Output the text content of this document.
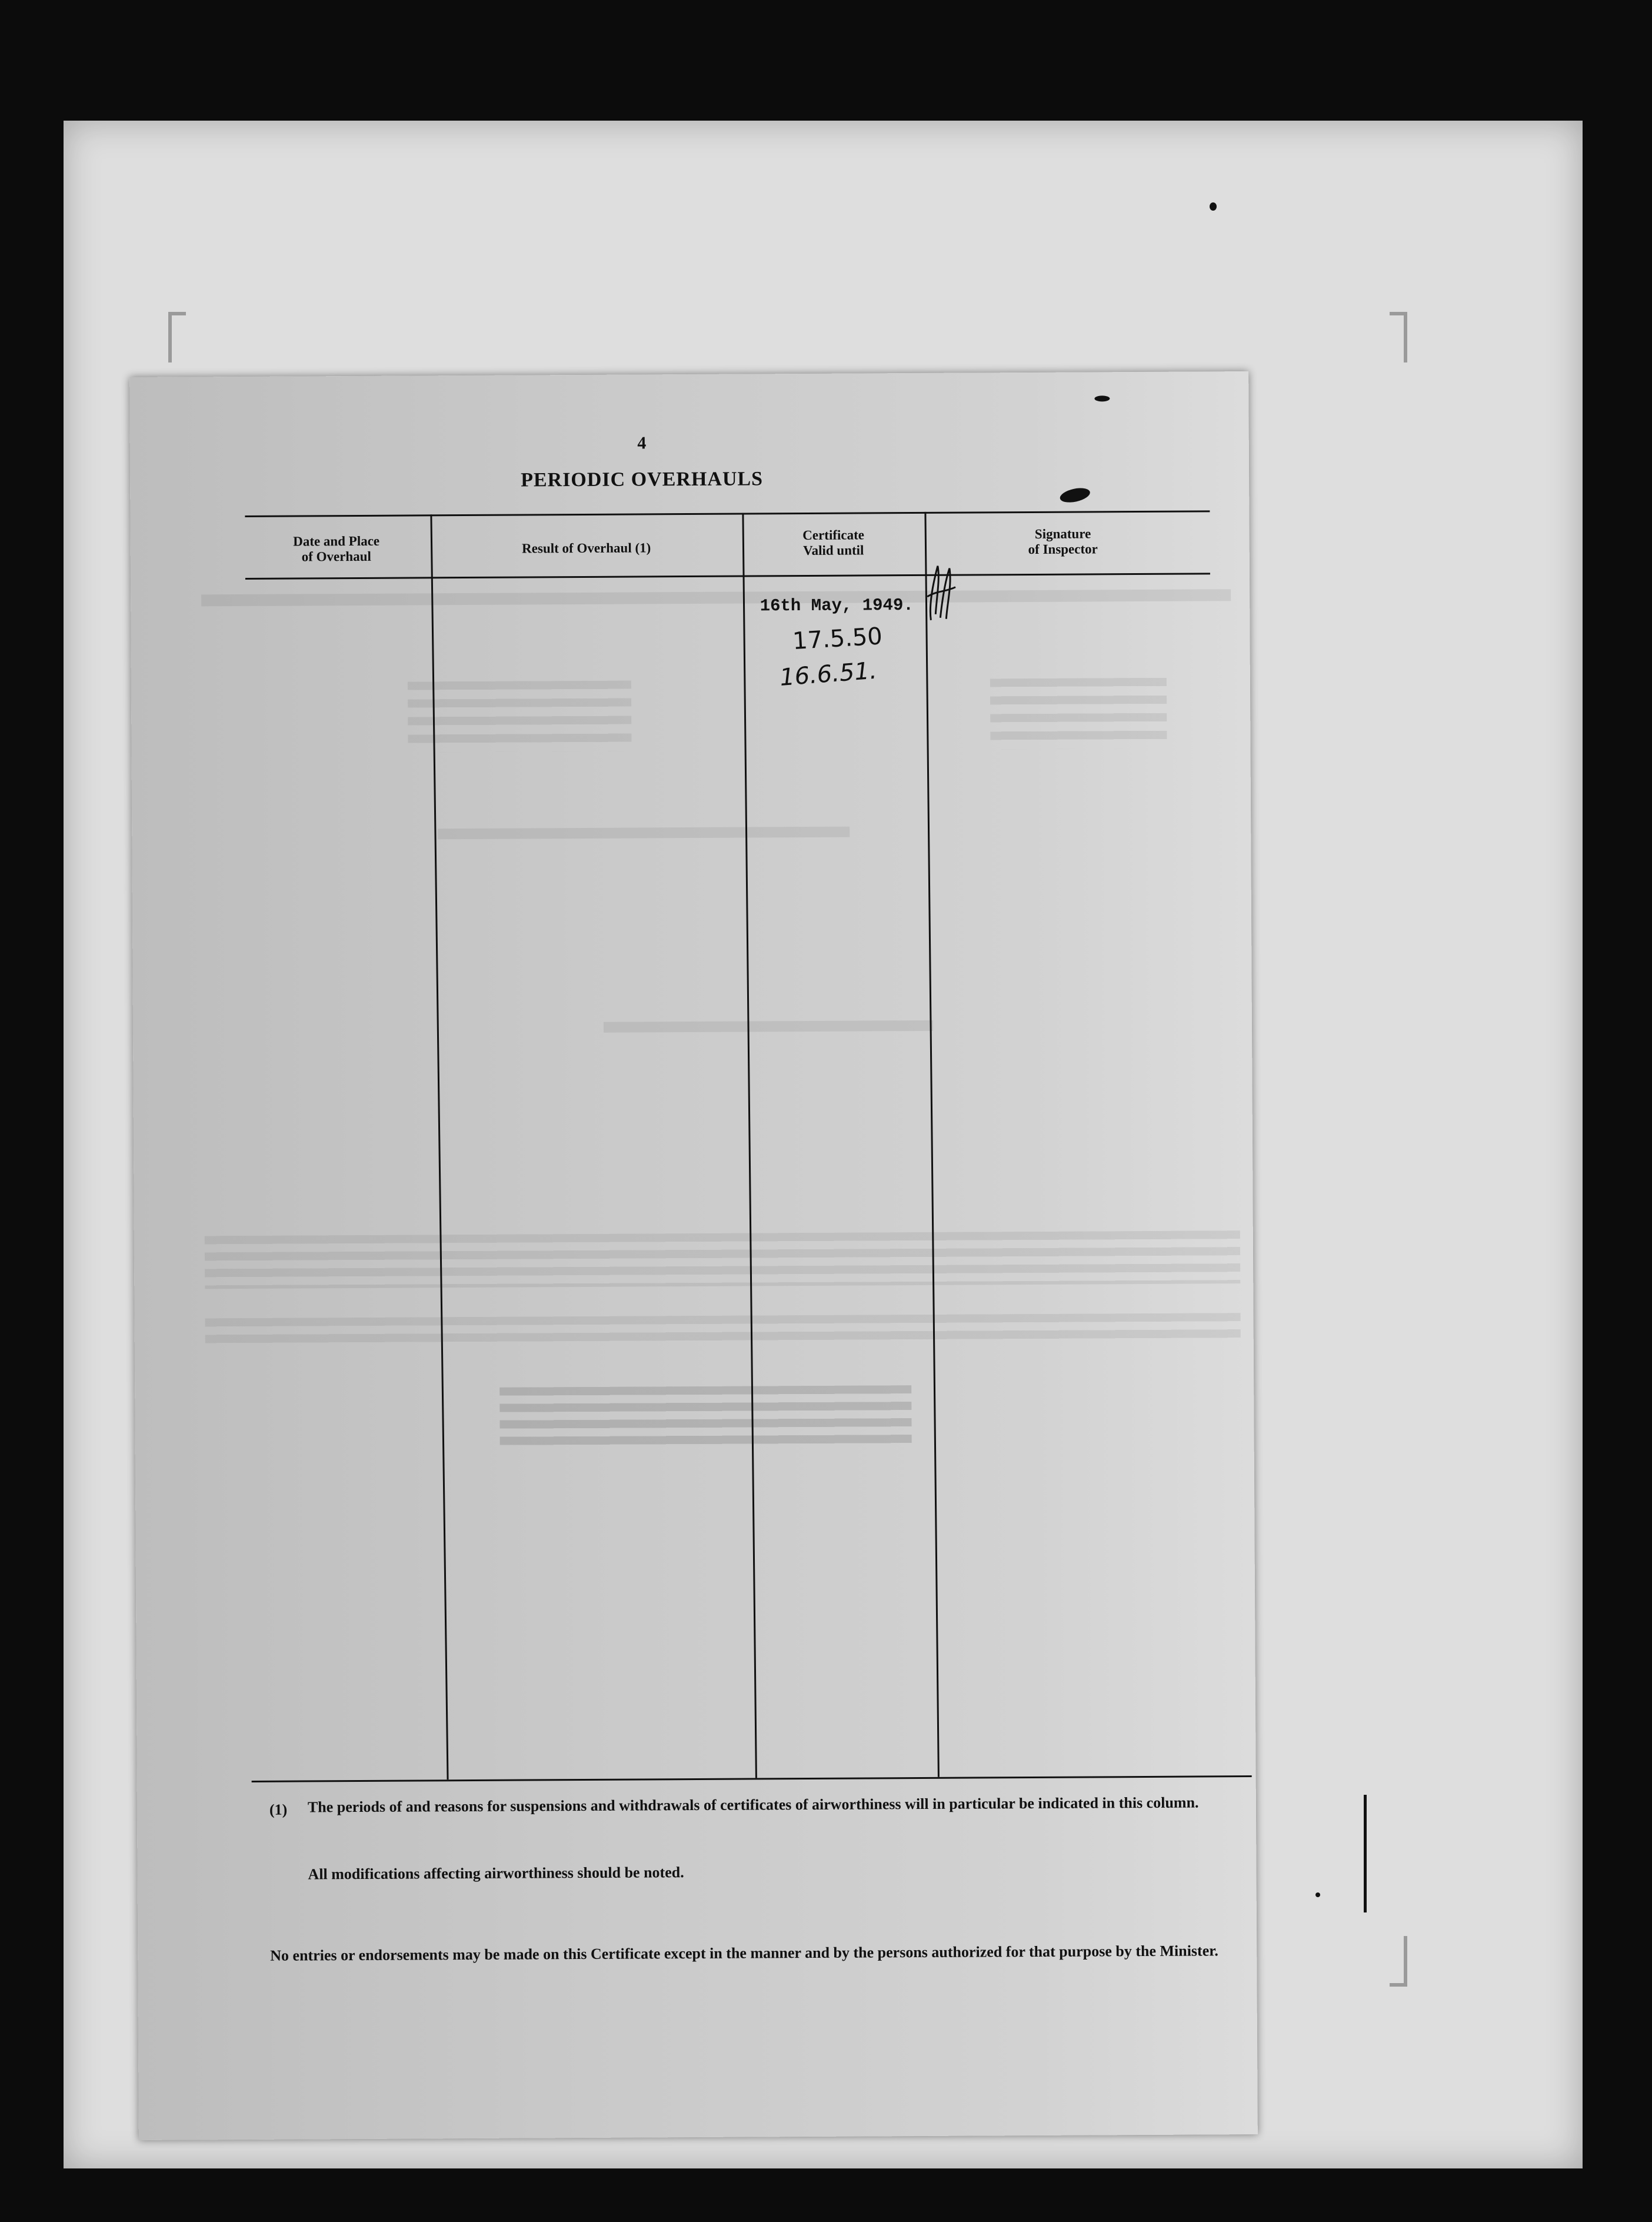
4
PERIODIC OVERHAULS
Date and Place
of Overhaul
Result of Overhaul (1)
Certificate
Valid until
Signature
of Inspector
16th May, 1949.
17.5.50
16.6.51.
(1) The periods of and reasons for suspensions and withdrawals of certificates of airworthiness will in particular be indicated in this column.
All modifications affecting airworthiness should be noted.
No entries or endorsements may be made on this Certificate except in the manner and by the persons authorized for that purpose by the Minister.
